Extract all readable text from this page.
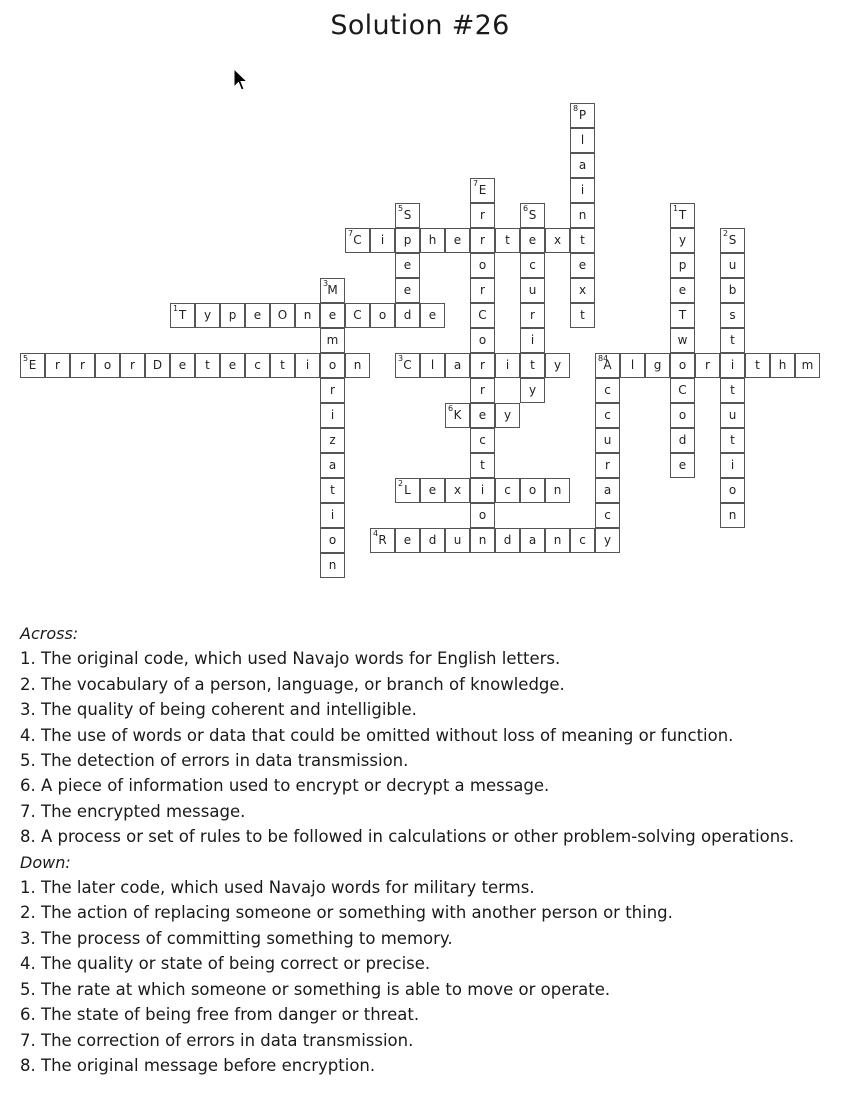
Solution #26
T
1	y	p	e	O	n	e	C	o	d	e
L
2	e	x	i	c	o	n
C
3	l	a	r	i	t	y
R
4	e	d	u	n	d	a	n	c	y
E
5	r	r	o	r	D	e	t	e	c	t	i	o	n
K
6	e	y
C
7	i	p	h	e	r	t	e	x	t
A
84	l	g	o	r	i	t	h	m
T
1
y
p
e
T
w
C
o
d
e
S
2
u
b
s
t
t
u
t
i
o
n
M
3
m
r
i
z
a
t
i
o
n
c
c
u
r
a
c
S
5
e
e
S
6
c
u
r
i
y
E
7
r
o
r
C
o
r
c
t
o
P
8
l
a
i
n
e
x
t
Across:
1. The original code, which used Navajo words for English letters.
2. The vocabulary of a person, language, or branch of knowledge.
3. The quality of being coherent and intelligible.
4. The use of words or data that could be omitted without loss of meaning or function.
5. The detection of errors in data transmission.
6. A piece of information used to encrypt or decrypt a message.
7. The encrypted message.
8. A process or set of rules to be followed in calculations or other problem-solving operations.
Down:
1. The later code, which used Navajo words for military terms.
2. The action of replacing someone or something with another person or thing.
3. The process of committing something to memory.
4. The quality or state of being correct or precise.
5. The rate at which someone or something is able to move or operate.
6. The state of being free from danger or threat.
7. The correction of errors in data transmission.
8. The original message before encryption.
